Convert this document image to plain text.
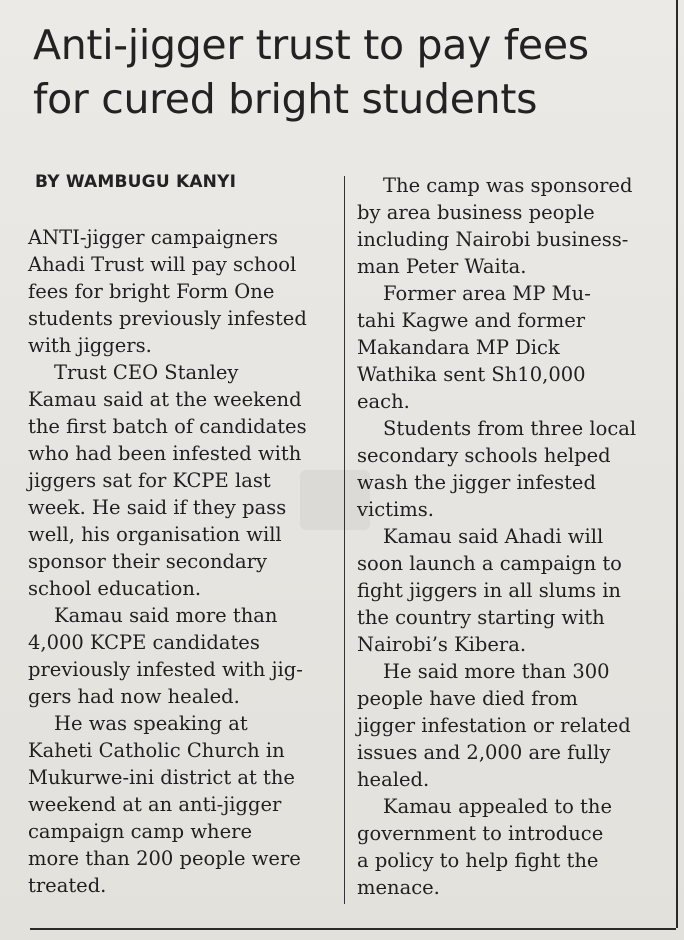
Anti-jigger trust to pay fees
for cured bright students

BY WAMBUGU KANYI

ANTI-jigger campaigners
Ahadi Trust will pay school
fees for bright Form One
students previously infested
with jiggers.

Trust CEO Stanley
Kamau said at the weekend
the first batch of candidates
who had been infested with
jiggers sat for KCPE last
week. He said if they pass
well, his organisation will
sponsor their secondary
school education.

Kamau said more than
4,000 KCPE candidates
previously infested with jig-
gers had now healed.

He was speaking at
Kaheti Catholic Church in
Mukurwe-ini district at the
weekend at an anti-jigger
campaign camp where
more than 200 people were
treated.

The camp was sponsored
by area business people
including Nairobi business-
man Peter Waita.

Former area MP Mu-
tahi Kagwe and former
Makandara MP Dick
Wathika sent Sh10,000
each.

Students from three local
secondary schools helped
wash the jigger infested
victims.

Kamau said Ahadi will
soon launch a campaign to
fight jiggers in all slums in
the country starting with
Nairobi’s Kibera.

He said more than 300
people have died from
jigger infestation or related
issues and 2,000 are fully
healed.

Kamau appealed to the
government to introduce
a policy to help fight the
menace.
